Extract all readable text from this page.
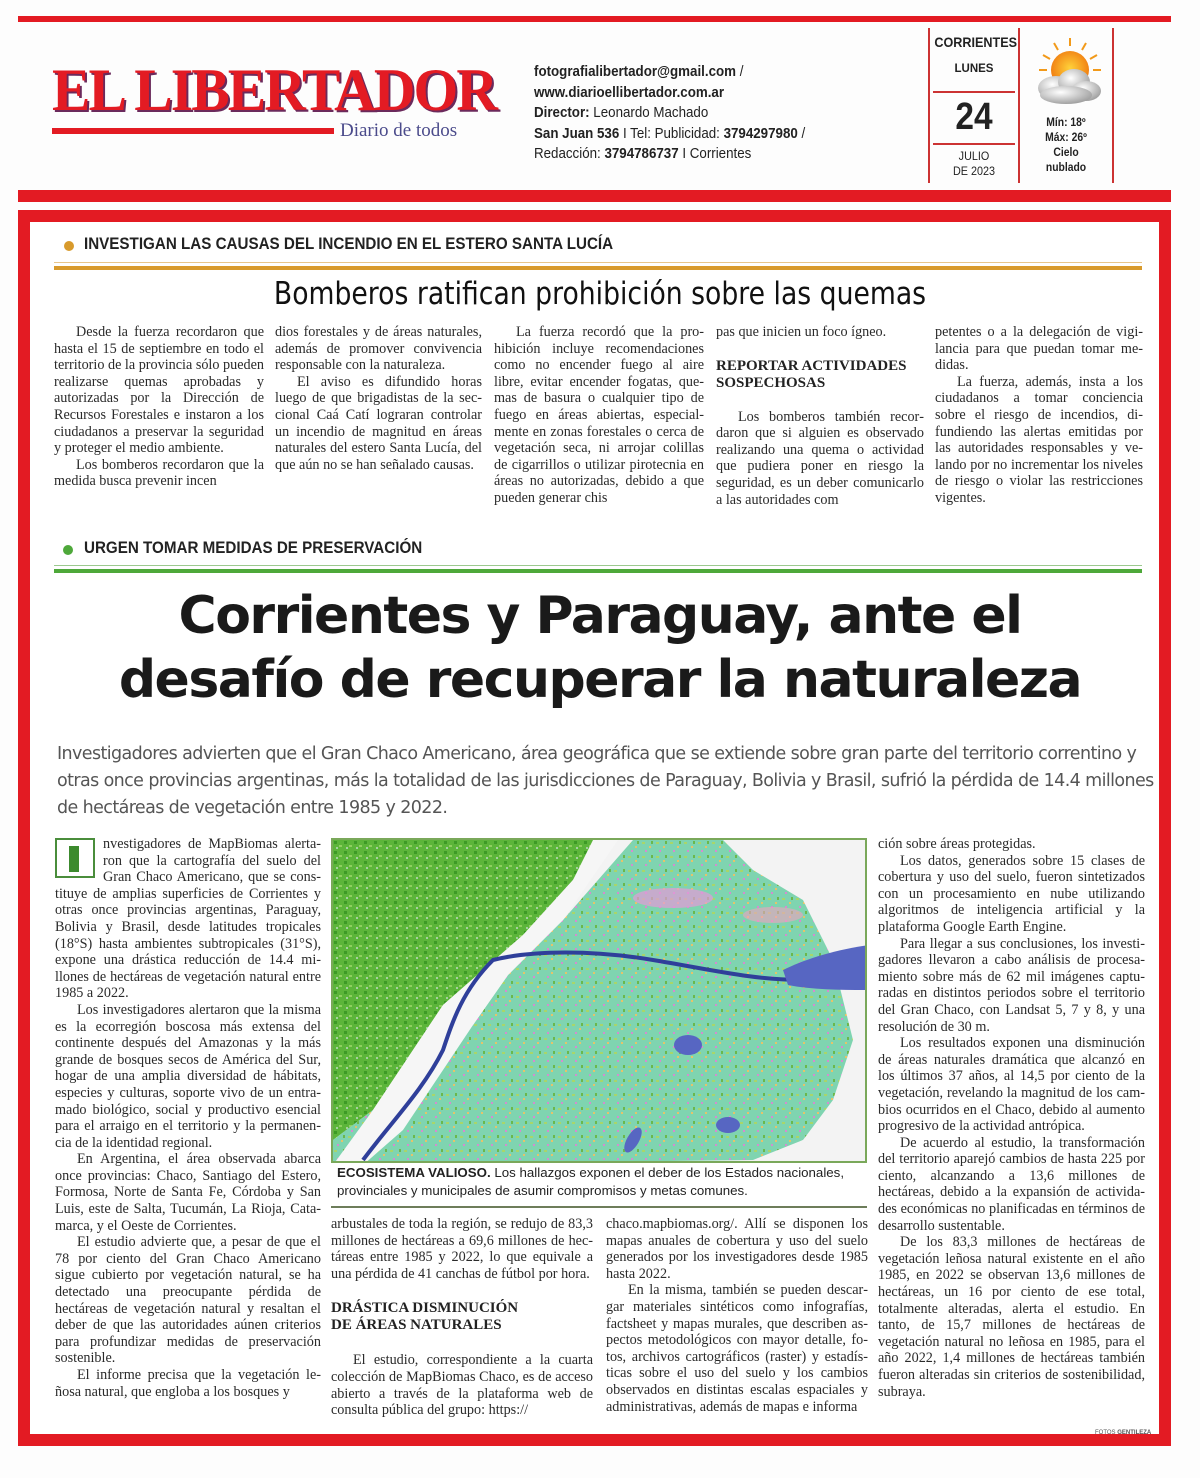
EL LIBERTADOR
Diario de todos
fotografialibertador@gmail.com /
www.diarioellibertador.com.ar
Director: Leonardo Machado
San Juan 536 I Tel: Publicidad: 3794297980 /
Redacción: 3794786737 I Corrientes
CORRIENTES
LUNES
24
JULIO
DE 2023
Mín: 18º
Máx: 26º
Cielo
nublado
INVESTIGAN LAS CAUSAS DEL INCENDIO EN EL ESTERO SANTA LUCÍA
Bomberos ratifican prohibición sobre las quemas

Desde la fuerza recordaron que hasta el 15 de septiembre en todo el territorio de la provincia sólo pueden realizarse quemas aprobadas y autorizadas por la Dirección de Recursos Forestales e instaron a los ciudadanos a preservar la seguridad y proteger el medio ambiente.

Los bomberos recordaron que la medida busca prevenir incen

dios forestales y de áreas naturales, además de promover convivencia responsable con la naturaleza.

El aviso es difundido horas luego de que brigadistas de la seccional Caá Catí lograran controlar un incendio de magnitud en áreas naturales del estero Santa Lucía, del que aún no se han señalado causas.

La fuerza recordó que la prohibición incluye recomendaciones como no encender fuego al aire libre, evitar encender fogatas, quemas de basura o cualquier tipo de fuego en áreas abiertas, especialmente en zonas forestales o cerca de vegetación seca, ni arrojar colillas de cigarrillos o utilizar pirotecnia en áreas no autorizadas, debido a que pueden generar chis

pas que inicien un foco ígneo.

REPORTAR ACTIVIDADES SOSPECHOSAS

Los bomberos también recordaron que si alguien es observado realizando una quema o actividad que pudiera poner en riesgo la seguridad, es un deber comunicarlo a las autoridades com

petentes o a la delegación de vigilancia para que puedan tomar medidas.

La fuerza, además, insta a los ciudadanos a tomar conciencia sobre el riesgo de incendios, difundiendo las alertas emitidas por las autoridades responsables y velando por no incrementar los niveles de riesgo o violar las restricciones vigentes.

URGEN TOMAR MEDIDAS DE PRESERVACIÓN
Corrientes y Paraguay, ante el
desafío de recuperar la naturaleza
Investigadores advierten que el Gran Chaco Americano, área geográfica que se extiende sobre gran parte del territorio correntino y otras once provincias argentinas, más la totalidad de las jurisdicciones de Paraguay, Bolivia y Brasil, sufrió la pérdida de 14.4 millones de hectáreas de vegetación entre 1985 y 2022.

nvestigadores de MapBiomas alertaron que la cartografía del suelo del Gran Chaco Americano, que se constituye de amplias superficies de Corrientes y otras once provincias argentinas, Paraguay, Bolivia y Brasil, desde latitudes tropicales (18°S) hasta ambientes subtropicales (31°S), expone una drástica reducción de 14.4 millones de hectáreas de vegetación natural entre 1985 a 2022.

Los investigadores alertaron que la misma es la ecorregión boscosa más extensa del continente después del Amazonas y la más grande de bosques secos de América del Sur, hogar de una amplia diversidad de hábitats, especies y culturas, soporte vivo de un entramado biológico, social y productivo esencial para el arraigo en el territorio y la permanencia de la identidad regional.

En Argentina, el área observada abarca once provincias: Chaco, Santiago del Estero, Formosa, Norte de Santa Fe, Córdoba y San Luis, este de Salta, Tucumán, La Rioja, Catamarca, y el Oeste de Corrientes.

El estudio advierte que, a pesar de que el 78 por ciento del Gran Chaco Americano sigue cubierto por vegetación natural, se ha detectado una preocupante pérdida de hectáreas de vegetación natural y resaltan el deber de que las autoridades aúnen criterios para profundizar medidas de preservación sostenible.

El informe precisa que la vegetación leñosa natural, que engloba a los bosques y

ECOSISTEMA VALIOSO. Los hallazgos exponen el deber de los Estados nacionales, provinciales y municipales de asumir compromisos y metas comunes.

arbustales de toda la región, se redujo de 83,3 millones de hectáreas a 69,6 millones de hectáreas entre 1985 y 2022, lo que equivale a una pérdida de 41 canchas de fútbol por hora.

DRÁSTICA DISMINUCIÓN
DE ÁREAS NATURALES

El estudio, correspondiente a la cuarta colección de MapBiomas Chaco, es de acceso abierto a través de la plataforma web de consulta pública del grupo: https://

chaco.mapbiomas.org/. Allí se disponen los mapas anuales de cobertura y uso del suelo generados por los investigadores desde 1985 hasta 2022.

En la misma, también se pueden descargar materiales sintéticos como infografías, factsheet y mapas murales, que describen aspectos metodológicos con mayor detalle, fotos, archivos cartográficos (raster) y estadísticas sobre el uso del suelo y los cambios observados en distintas escalas espaciales y administrativas, además de mapas e informa

ción sobre áreas protegidas.

Los datos, generados sobre 15 clases de cobertura y uso del suelo, fueron sintetizados con un procesamiento en nube utilizando algoritmos de inteligencia artificial y la plataforma Google Earth Engine.

Para llegar a sus conclusiones, los investigadores llevaron a cabo análisis de procesamiento sobre más de 62 mil imágenes capturadas en distintos periodos sobre el territorio del Gran Chaco, con Landsat 5, 7 y 8, y una resolución de 30 m.

Los resultados exponen una disminución de áreas naturales dramática que alcanzó en los últimos 37 años, al 14,5 por ciento de la vegetación, revelando la magnitud de los cambios ocurridos en el Chaco, debido al aumento progresivo de la actividad antrópica.

De acuerdo al estudio, la transformación del territorio aparejó cambios de hasta 225 por ciento, alcanzando a 13,6 millones de hectáreas, debido a la expansión de actividades económicas no planificadas en términos de desarrollo sustentable.

De los 83,3 millones de hectáreas de vegetación leñosa natural existente en el año 1985, en 2022 se observan 13,6 millones de hectáreas, un 16 por ciento de ese total, totalmente alteradas, alerta el estudio. En tanto, de 15,7 millones de hectáreas de vegetación natural no leñosa en 1985, para el año 2022, 1,4 millones de hectáreas también fueron alteradas sin criterios de sostenibilidad, subraya.

FOTOS GENTILEZA
